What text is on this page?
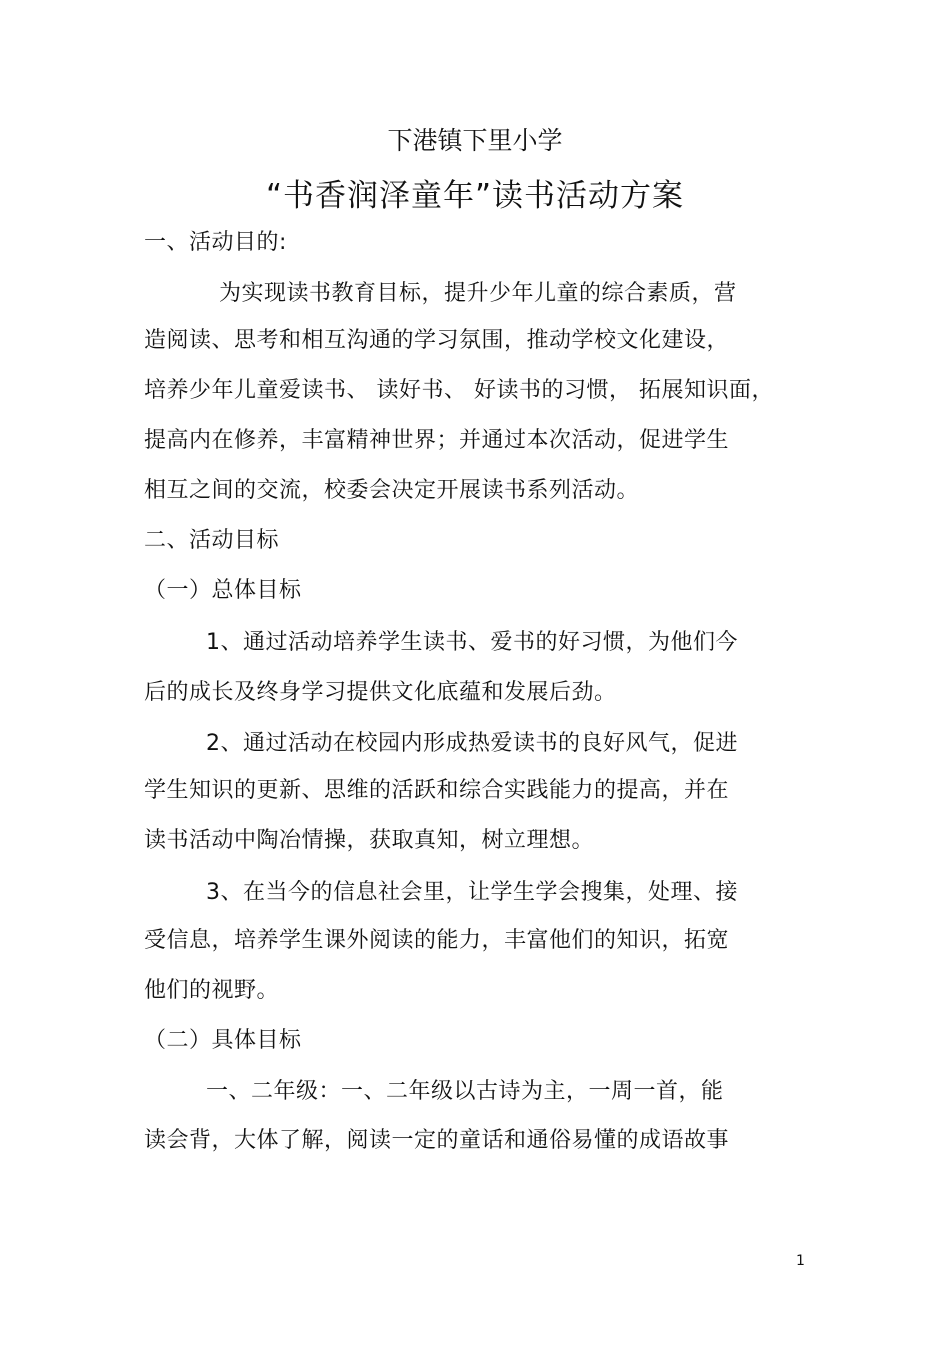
下港镇下里小学
“书香润泽童年”读书活动方案
一、活动目的:
为实现读书教育目标，提升少年儿童的综合素质，营
造阅读、思考和相互沟通的学习氛围，推动学校文化建设，
培养少年儿童爱读书、 读好书、 好读书的习惯， 拓展知识面，
提高内在修养，丰富精神世界；并通过本次活动，促进学生
相互之间的交流，校委会决定开展读书系列活动。
二、活动目标
（一）总体目标
1、通过活动培养学生读书、爱书的好习惯，为他们今
后的成长及终身学习提供文化底蕴和发展后劲。
2、通过活动在校园内形成热爱读书的良好风气，促进
学生知识的更新、思维的活跃和综合实践能力的提高，并在
读书活动中陶冶情操，获取真知，树立理想。
3、在当今的信息社会里，让学生学会搜集，处理、接
受信息，培养学生课外阅读的能力，丰富他们的知识，拓宽
他们的视野。
（二）具体目标
一、二年级：一、二年级以古诗为主，一周一首，能
读会背，大体了解，阅读一定的童话和通俗易懂的成语故事
1
